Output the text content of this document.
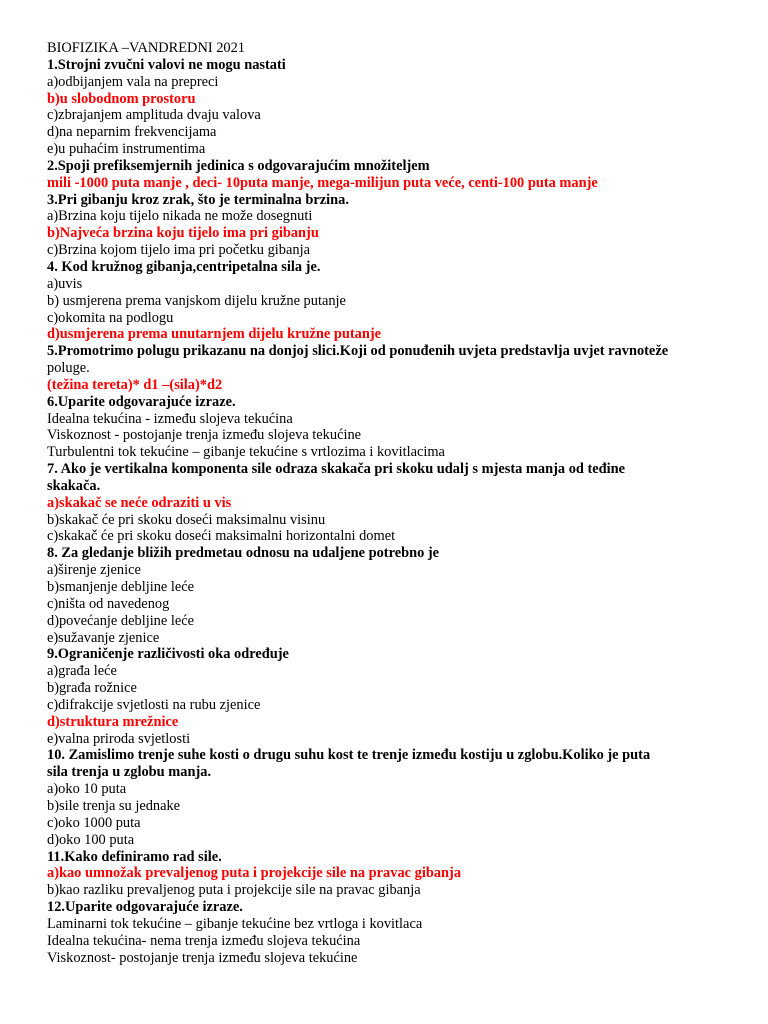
BIOFIZIKA –VANDREDNI 2021
1.Strojni zvučni valovi ne mogu nastati
a)odbijanjem vala na prepreci
b)u slobodnom prostoru
c)zbrajanjem amplituda dvaju valova
d)na neparnim frekvencijama
e)u puhaćim instrumentima
2.Spoji prefiksemjernih jedinica s odgovarajućim množiteljem
mili -1000 puta manje , deci- 10puta manje, mega-milijun puta veće, centi-100 puta manje
3.Pri gibanju kroz zrak, što je terminalna brzina.
a)Brzina koju tijelo nikada ne može dosegnuti
b)Najveća brzina koju tijelo ima pri gibanju
c)Brzina kojom tijelo ima pri početku gibanja
4. Kod kružnog gibanja,centripetalna sila je.
a)uvis
b) usmjerena prema vanjskom dijelu kružne putanje
c)okomita na podlogu
d)usmjerena prema unutarnjem dijelu kružne putanje
5.Promotrimo polugu prikazanu na donjoj slici.Koji od ponuđenih uvjeta predstavlja uvjet ravnoteže
poluge.
(težina tereta)* d1 –(sila)*d2
6.Uparite odgovarajuće izraze.
Idealna tekućina - između slojeva tekućina
Viskoznost - postojanje trenja između slojeva tekućine
Turbulentni tok tekućine – gibanje tekućine s vrtlozima i kovitlacima
7. Ako je vertikalna komponenta sile odraza skakača pri skoku udalj s mjesta manja od teđine
skakača.
a)skakač se neće odraziti u vis
b)skakač će pri skoku doseći maksimalnu visinu
c)skakač će pri skoku doseći maksimalni horizontalni domet
8. Za gledanje bližih predmetau odnosu na udaljene potrebno je
a)širenje zjenice
b)smanjenje debljine leće
c)ništa od navedenog
d)povećanje debljine leće
e)sužavanje zjenice
9.Ograničenje različivosti oka određuje
a)građa leće
b)građa rožnice
c)difrakcije svjetlosti na rubu zjenice
d)struktura mrežnice
e)valna priroda svjetlosti
10. Zamislimo trenje suhe kosti o drugu suhu kost te trenje između kostiju u zglobu.Koliko je puta
sila trenja u zglobu manja.
a)oko 10 puta
b)sile trenja su jednake
c)oko 1000 puta
d)oko 100 puta
11.Kako definiramo rad sile.
a)kao umnožak prevaljenog puta i projekcije sile na pravac gibanja
b)kao razliku prevaljenog puta i projekcije sile na pravac gibanja
12.Uparite odgovarajuće izraze.
Laminarni tok tekućine – gibanje tekućine bez vrtloga i kovitlaca
Idealna tekućina- nema trenja između slojeva tekućina
Viskoznost- postojanje trenja između slojeva tekućine
